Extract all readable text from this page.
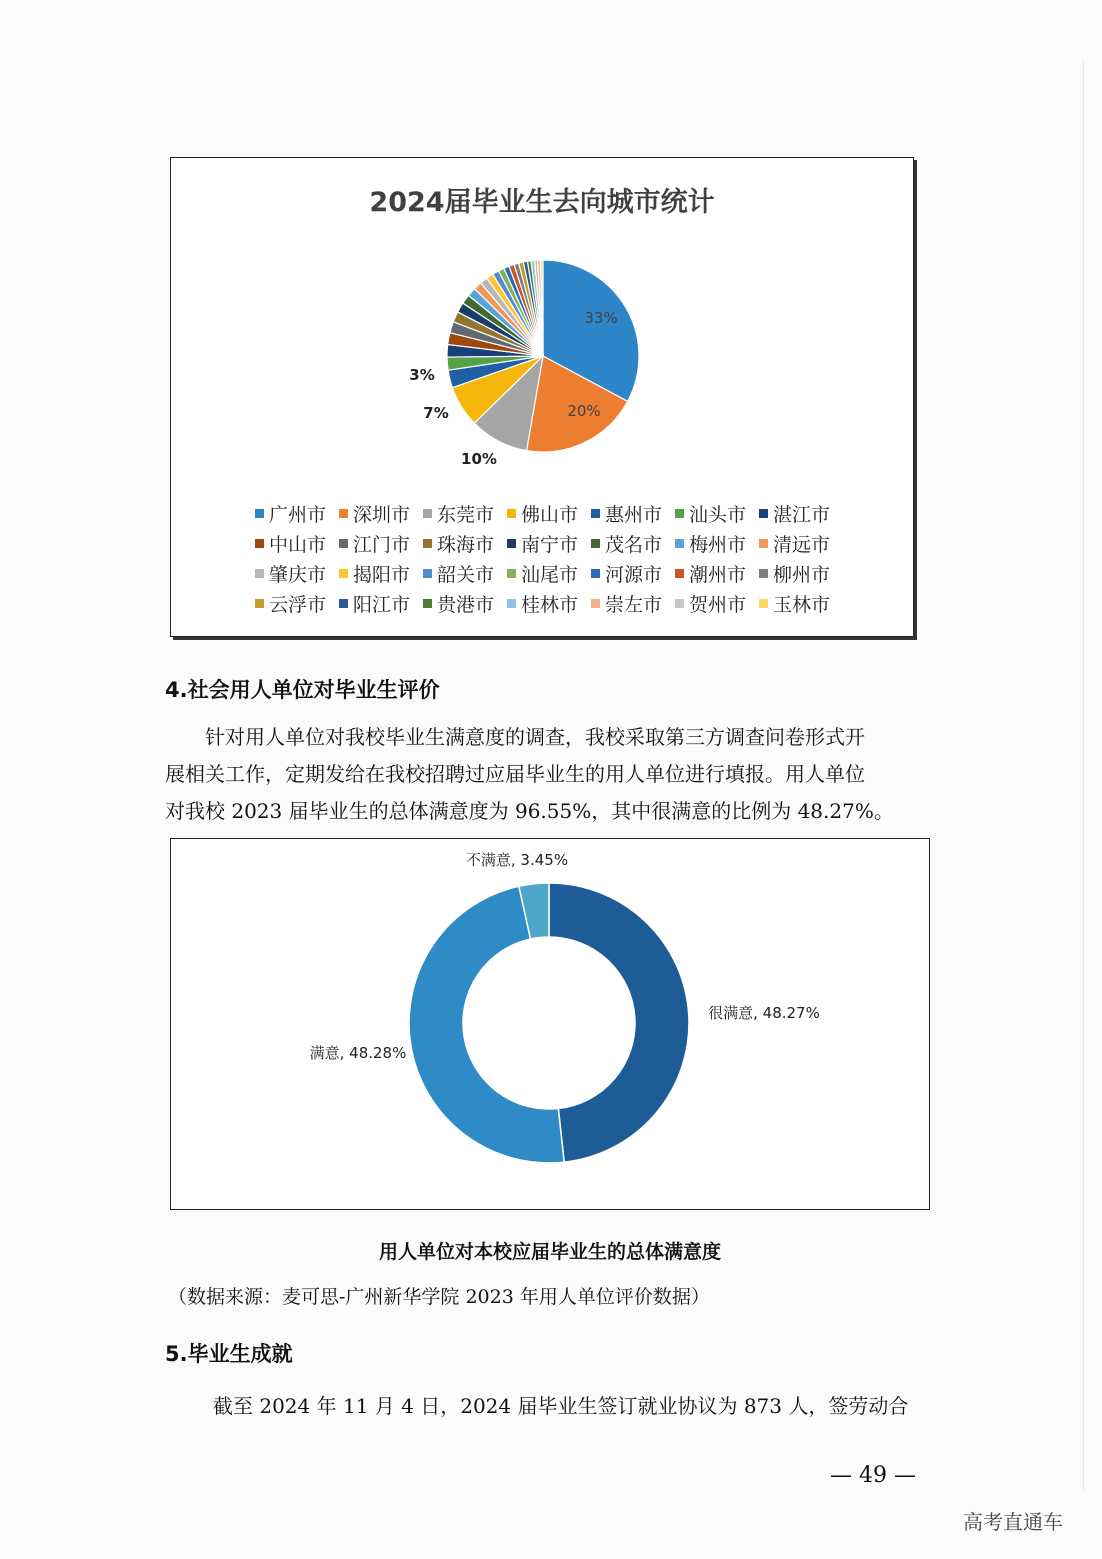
2024届毕业生去向城市统计
33%
20%
10%
7%
3%
广州市 深圳市 东莞市 佛山市 惠州市 汕头市 湛江市
中山市 江门市 珠海市 南宁市 茂名市 梅州市 清远市
肇庆市 揭阳市 韶关市 汕尾市 河源市 潮州市 柳州市
云浮市 阳江市 贵港市 桂林市 崇左市 贺州市 玉林市
4.社会用人单位对毕业生评价
针对用人单位对我校毕业生满意度的调查，我校采取第三方调查问卷形式开
展相关工作，定期发给在我校招聘过应届毕业生的用人单位进行填报。用人单位
对我校 2023 届毕业生的总体满意度为 96.55%，其中很满意的比例为 48.27%。
很满意, 48.27%
满意, 48.28%
不满意, 3.45%
用人单位对本校应届毕业生的总体满意度
（数据来源：麦可思-广州新华学院 2023 年用人单位评价数据）
5.毕业生成就
截至 2024 年 11 月 4 日，2024 届毕业生签订就业协议为 873 人，签劳动合
— 49 —
高考直通车
